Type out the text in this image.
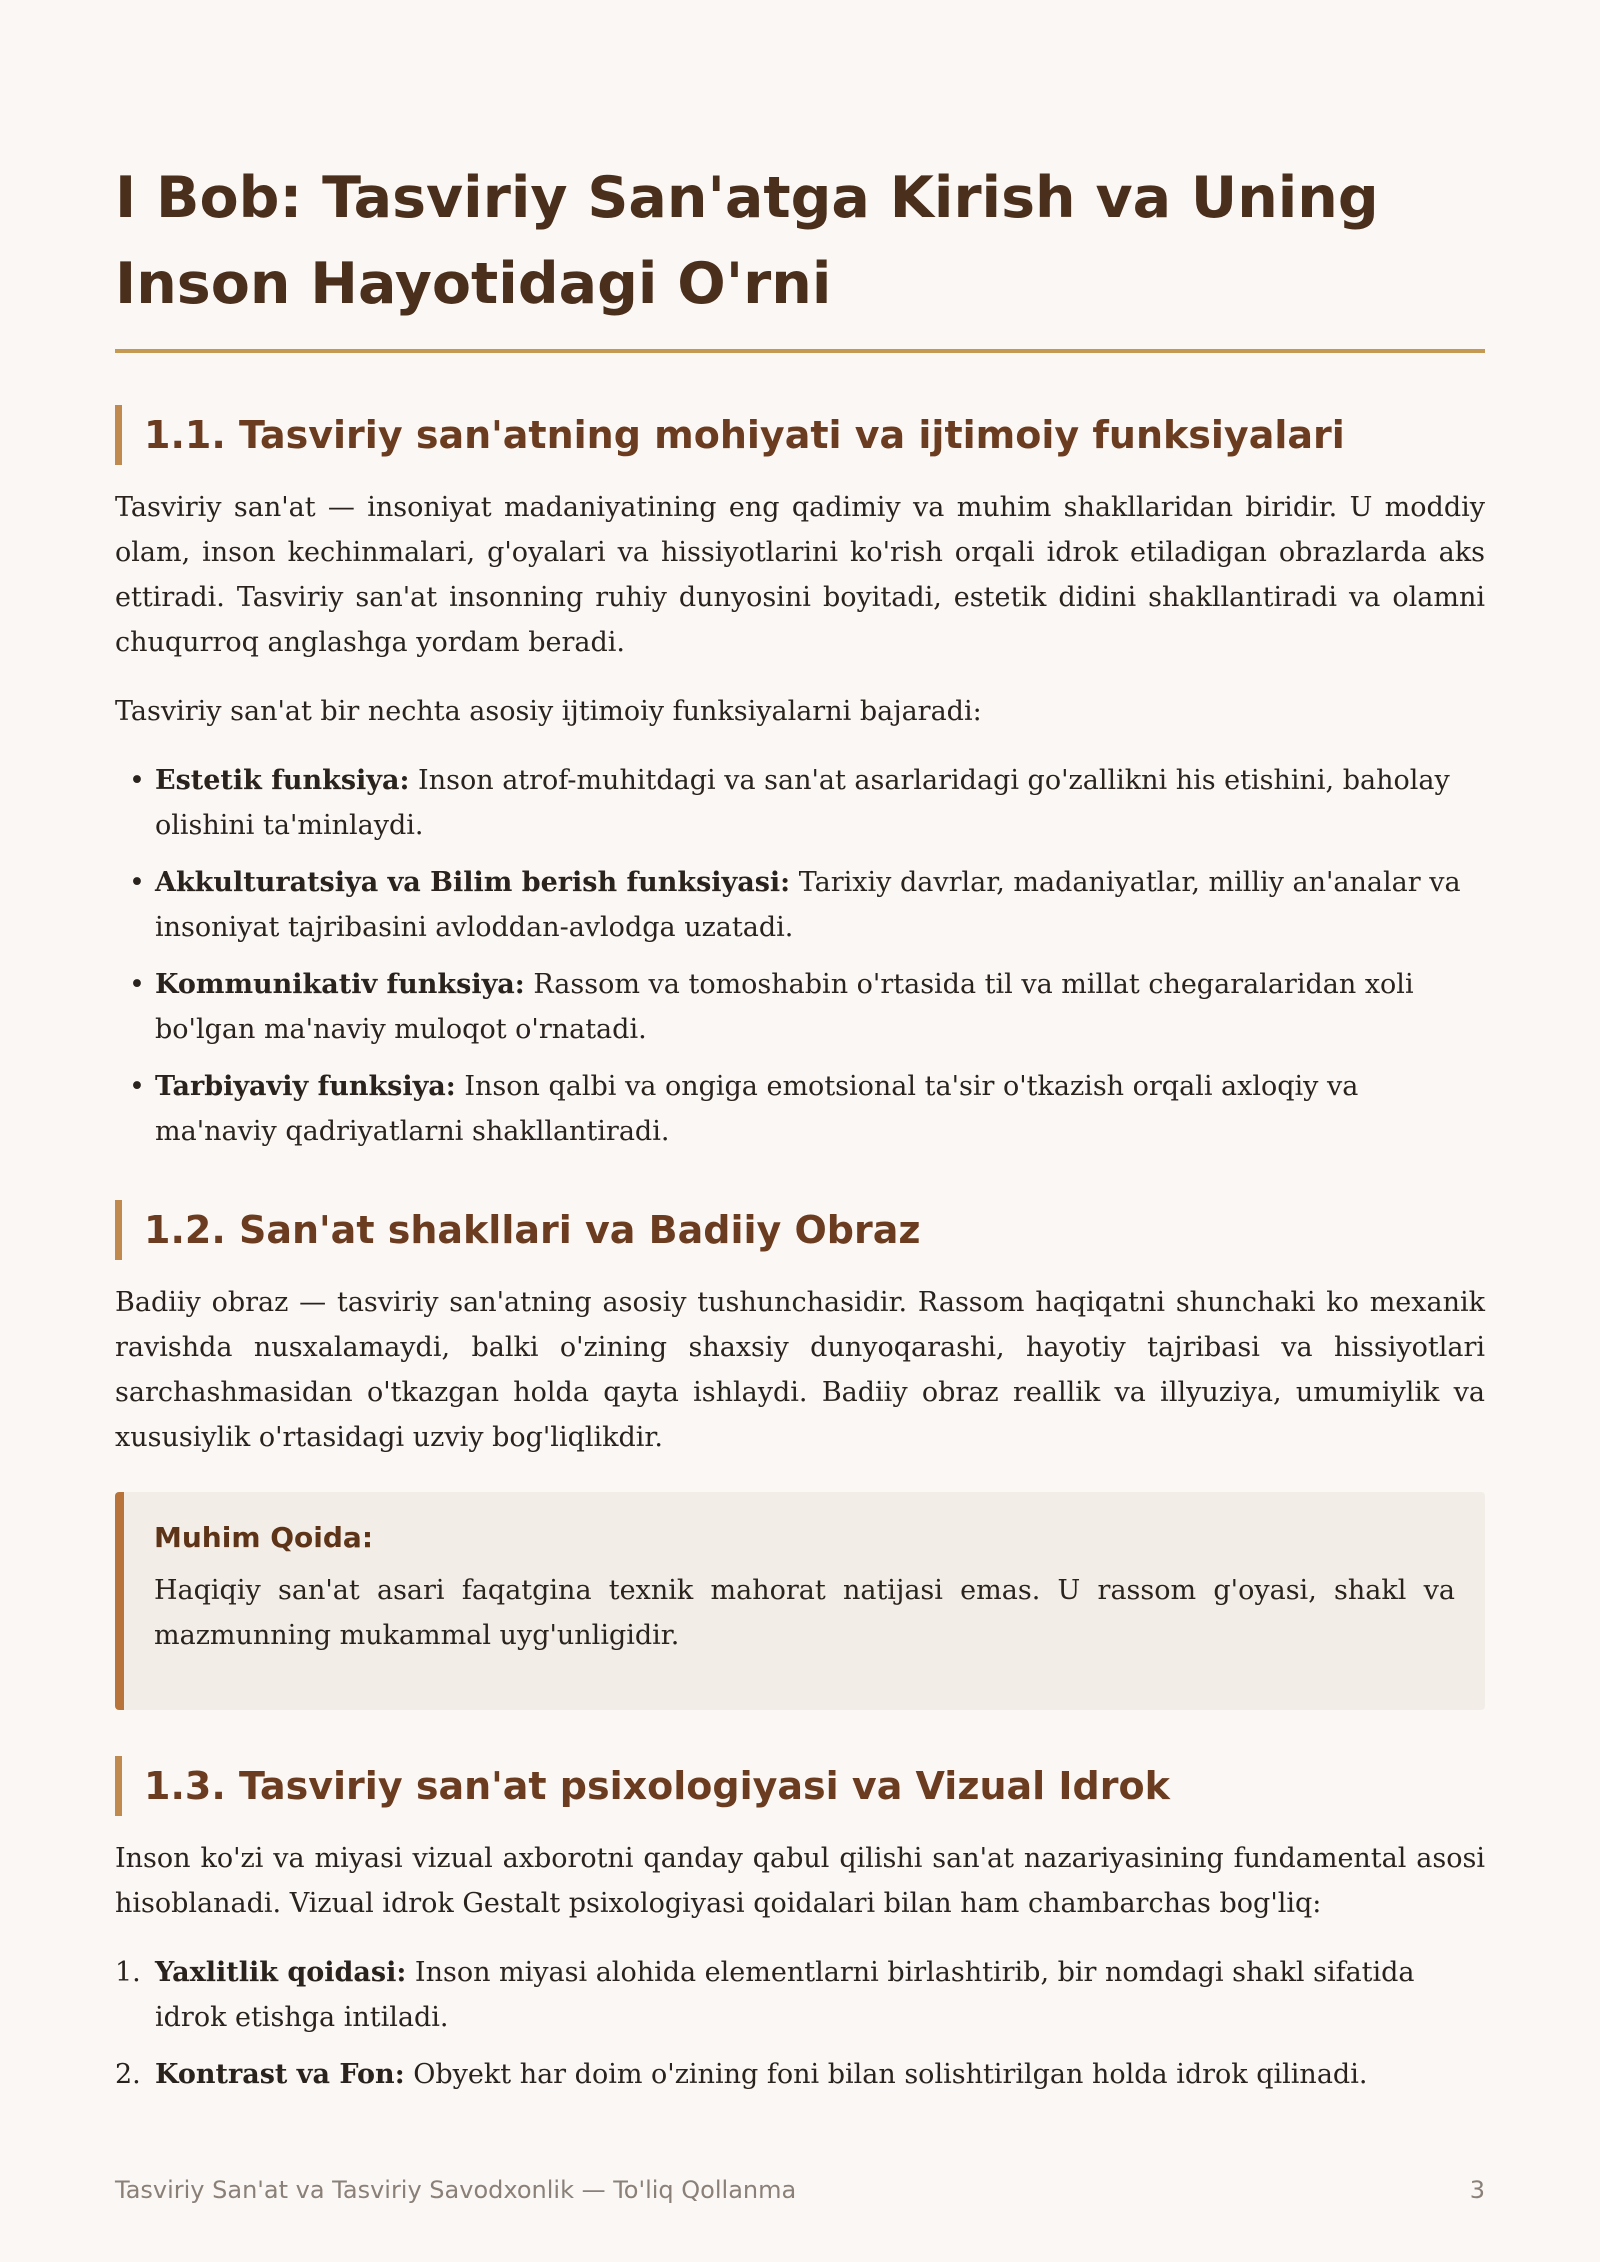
I Bob: Tasviriy San'atga Kirish va Uning
Inson Hayotidagi O'rni
1.1. Tasviriy san'atning mohiyati va ijtimoiy funksiyalari

Tasviriy san'at — insoniyat madaniyatining eng qadimiy va muhim shakllaridan biridir. U moddiy olam, inson kechinmalari, g'oyalari va hissiyotlarini ko'rish orqali idrok etiladigan obrazlarda aks ettiradi. Tasviriy san'at insonning ruhiy dunyosini boyitadi, estetik didini shakllantiradi va olamni chuqurroq anglashga yordam beradi.

Tasviriy san'at bir nechta asosiy ijtimoiy funksiyalarni bajaradi:

• Estetik funksiya: Inson atrof-muhitdagi va san'at asarlaridagi go'zallikni his etishini, baholay olishini ta'minlaydi.
• Akkulturatsiya va Bilim berish funksiyasi: Tarixiy davrlar, madaniyatlar, milliy an'analar va insoniyat tajribasini avloddan-avlodga uzatadi.
• Kommunikativ funksiya: Rassom va tomoshabin o'rtasida til va millat chegaralaridan xoli bo'lgan ma'naviy muloqot o'rnatadi.
• Tarbiyaviy funksiya: Inson qalbi va ongiga emotsional ta'sir o'tkazish orqali axloqiy va ma'naviy qadriyatlarni shakllantiradi.
1.2. San'at shakllari va Badiiy Obraz

Badiiy obraz — tasviriy san'atning asosiy tushunchasidir. Rassom haqiqatni shunchaki ko mexanik ravishda nusxalamaydi, balki o'zining shaxsiy dunyoqarashi, hayotiy tajribasi va hissiyotlari sarchashmasidan o'tkazgan holda qayta ishlaydi. Badiiy obraz reallik va illyuziya, umumiylik va xususiylik o'rtasidagi uzviy bog'liqlikdir.

Muhim Qoida:

Haqiqiy san'at asari faqatgina texnik mahorat natijasi emas. U rassom g'oyasi, shakl va mazmunning mukammal uyg'unligidir.

1.3. Tasviriy san'at psixologiyasi va Vizual Idrok

Inson ko'zi va miyasi vizual axborotni qanday qabul qilishi san'at nazariyasining fundamental asosi hisoblanadi. Vizual idrok Gestalt psixologiyasi qoidalari bilan ham chambarchas bog'liq:

1. Yaxlitlik qoidasi: Inson miyasi alohida elementlarni birlashtirib, bir nomdagi shakl sifatida idrok etishga intiladi.
2. Kontrast va Fon: Obyekt har doim o'zining foni bilan solishtirilgan holda idrok qilinadi.
Tasviriy San'at va Tasviriy Savodxonlik — To'liq Qollanma	3
